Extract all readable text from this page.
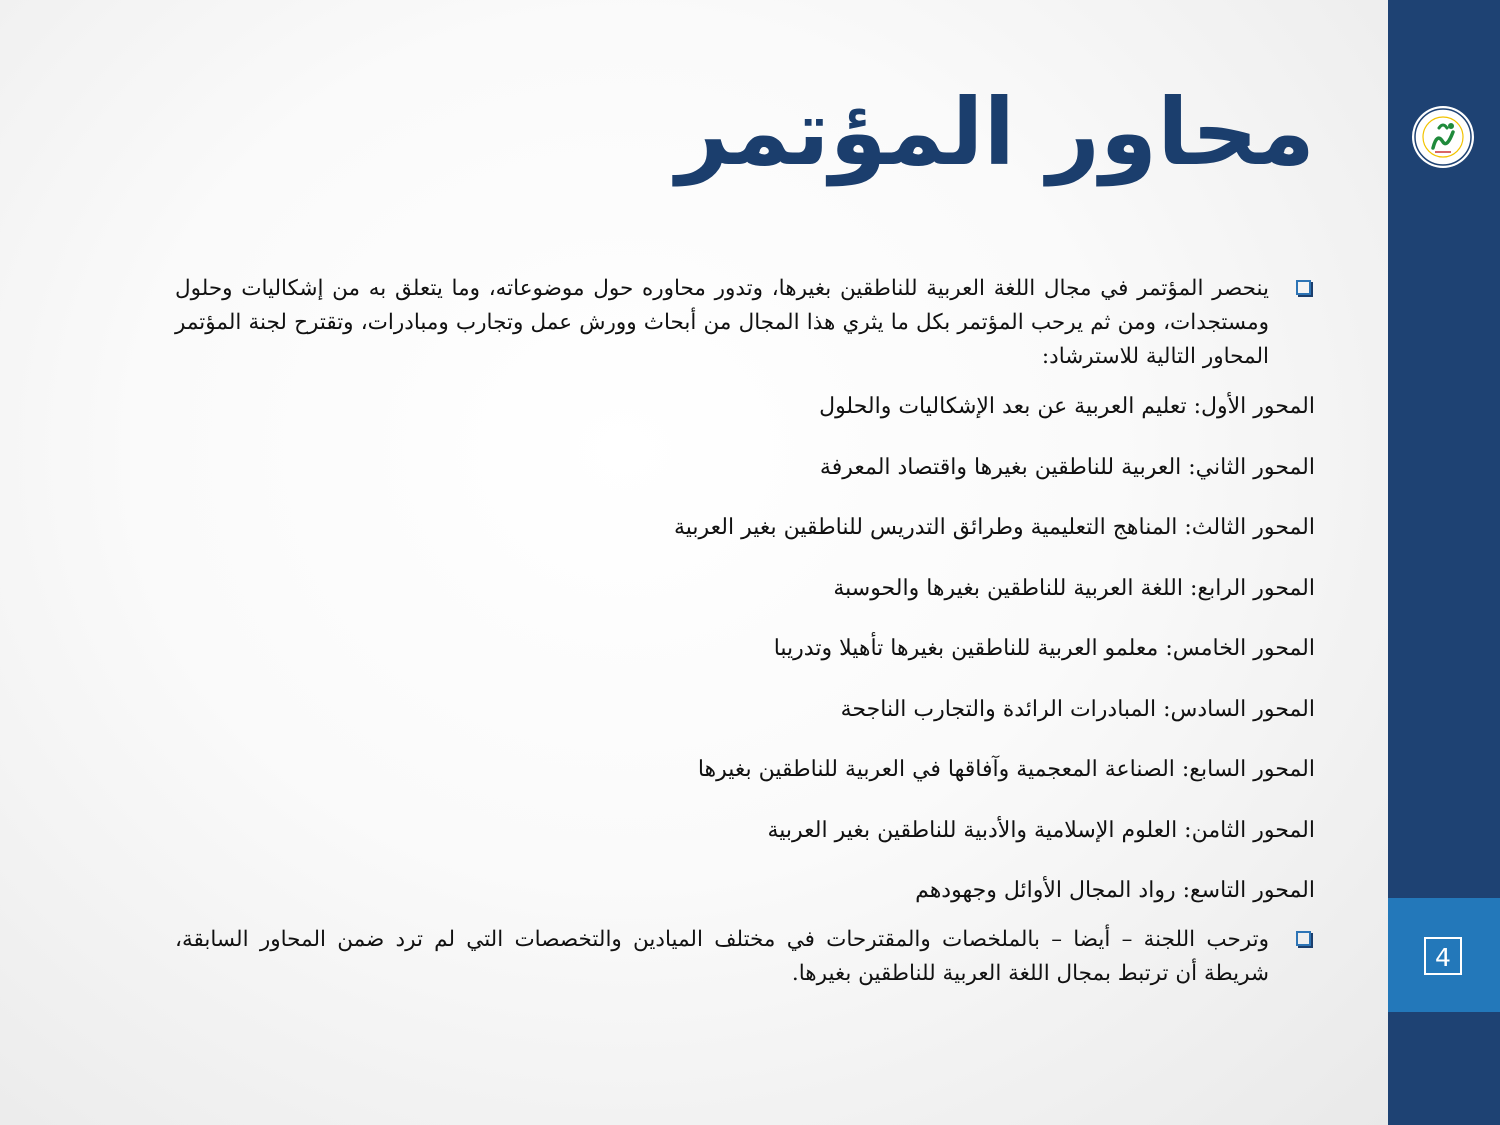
4
محاور المؤتمر
ينحصر المؤتمر في مجال اللغة العربية للناطقين بغيرها، وتدور محاوره حول موضوعاته، وما يتعلق به من إشكاليات وحلول ومستجدات، ومن ثم يرحب المؤتمر بكل ما يثري هذا المجال من أبحاث وورش عمل وتجارب ومبادرات، وتقترح لجنة المؤتمر المحاور التالية للاسترشاد:
المحور الأول: تعليم العربية عن بعد الإشكاليات والحلول
المحور الثاني: العربية للناطقين بغيرها واقتصاد المعرفة
المحور الثالث: المناهج التعليمية وطرائق التدريس للناطقين بغير العربية
المحور الرابع: اللغة العربية للناطقين بغيرها والحوسبة
المحور الخامس: معلمو العربية للناطقين بغيرها تأهيلا وتدريبا
المحور السادس: المبادرات الرائدة والتجارب الناجحة
المحور السابع: الصناعة المعجمية وآفاقها في العربية للناطقين بغيرها
المحور الثامن: العلوم الإسلامية والأدبية للناطقين بغير العربية
المحور التاسع: رواد المجال الأوائل وجهودهم
وترحب اللجنة – أيضا – بالملخصات والمقترحات في مختلف الميادين والتخصصات التي لم ترد ضمن المحاور السابقة، شريطة أن ترتبط بمجال اللغة العربية للناطقين بغيرها.
